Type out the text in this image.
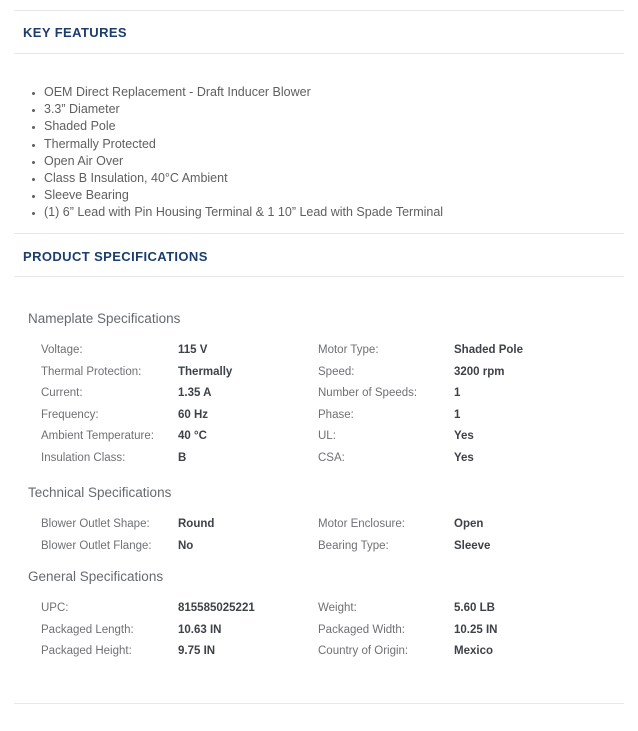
KEY FEATURES
• OEM Direct Replacement - Draft Inducer Blower
• 3.3” Diameter
• Shaded Pole
• Thermally Protected
• Open Air Over
• Class B Insulation, 40°C Ambient
• Sleeve Bearing
• (1) 6” Lead with Pin Housing Terminal & 1 10” Lead with Spade Terminal
PRODUCT SPECIFICATIONS
Nameplate Specifications
Voltage:	115 V	Motor Type:	Shaded Pole
Thermal Protection:	Thermally	Speed:	3200 rpm
Current:	1.35 A	Number of Speeds:	1
Frequency:	60 Hz	Phase:	1
Ambient Temperature:	40 °C	UL:	Yes
Insulation Class:	B	CSA:	Yes
Technical Specifications
Blower Outlet Shape:	Round	Motor Enclosure:	Open
Blower Outlet Flange:	No	Bearing Type:	Sleeve
General Specifications
UPC:	815585025221	Weight:	5.60 LB
Packaged Length:	10.63 IN	Packaged Width:	10.25 IN
Packaged Height:	9.75 IN	Country of Origin:	Mexico
